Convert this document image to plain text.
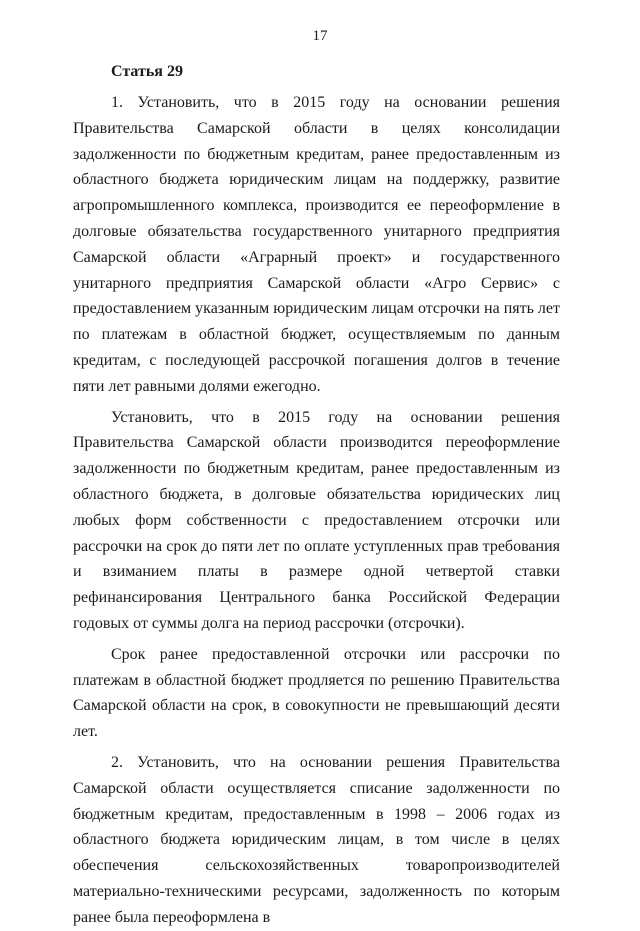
17
Статья 29

1. Установить, что в 2015 году на основании решения Правительства Самарской области в целях консолидации задолженности по бюджетным кредитам, ранее предоставленным из областного бюджета юридическим лицам на поддержку, развитие агропромышленного комплекса, производится ее переоформление в долговые обязательства государственного унитарного предприятия Самарской области «Аграрный проект» и государственного унитарного предприятия Самарской области «Агро Сервис» с предоставлением указанным юридическим лицам отсрочки на пять лет по платежам в областной бюджет, осуществляемым по данным кредитам, с последующей рассрочкой погашения долгов в течение пяти лет равными долями ежегодно.

Установить, что в 2015 году на основании решения Правительства Самарской области производится переоформление задолженности по бюджетным кредитам, ранее предоставленным из областного бюджета, в долговые обязательства юридических лиц любых форм собственности с предоставлением отсрочки или рассрочки на срок до пяти лет по оплате уступленных прав требования и взиманием платы в размере одной четвертой ставки рефинансирования Центрального банка Российской Федерации годовых от суммы долга на период рассрочки (отсрочки).

Срок ранее предоставленной отсрочки или рассрочки по платежам в областной бюджет продляется по решению Правительства Самарской области на срок, в совокупности не превышающий десяти лет.

2. Установить, что на основании решения Правительства Самарской области осуществляется списание задолженности по бюджетным кредитам, предоставленным в 1998 – 2006 годах из областного бюджета юридическим лицам, в том числе в целях обеспечения сельскохозяйственных товаропроизводителей материально-техническими ресурсами, задолженность по которым ранее была переоформлена в
